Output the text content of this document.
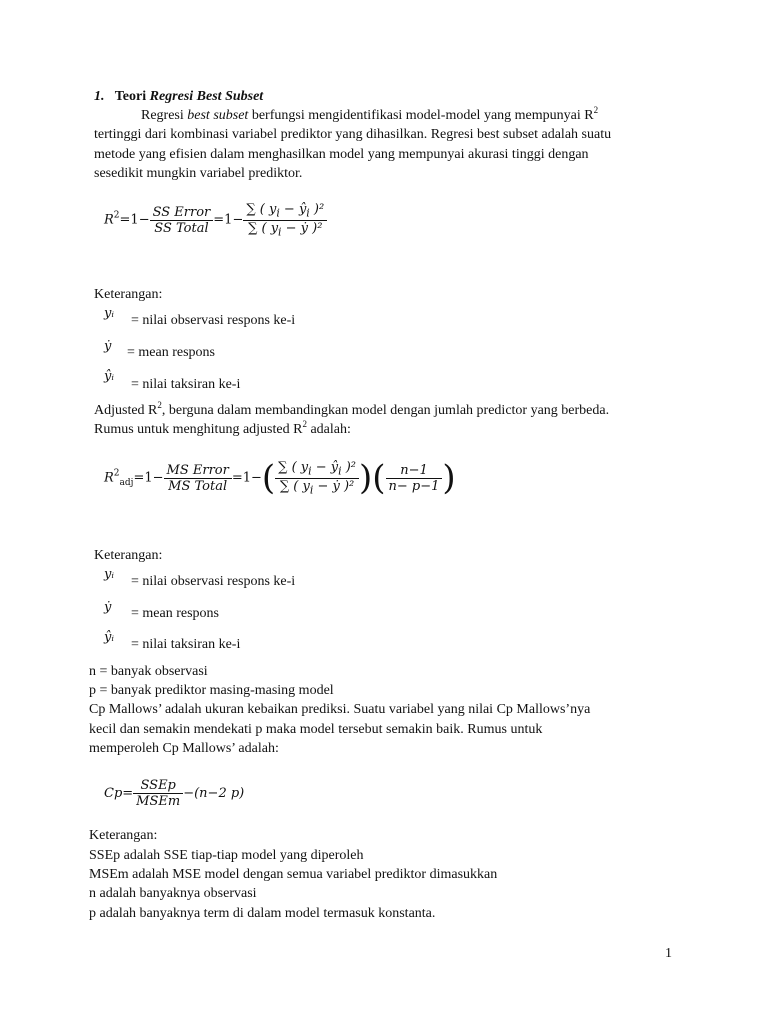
1. Teori Regresi Best Subset
Regresi best subset berfungsi mengidentifikasi model-model yang mempunyai $R^2$
tertinggi dari kombinasi variabel prediktor yang dihasilkan. Regresi best subset adalah suatu
metode yang efisien dalam menghasilkan model yang mempunyai akurasi tinggi dengan
sesedikit mungkin variabel prediktor.
$R^2=1- \frac{\text{SS Error}}{\text{SS Total}} =1- \frac{\sum ( y_i - ŷ_i )^2}{\sum ( y_i - ẏ )^2}$
Keterangan:
yᵢ = nilai observasi respons ke-i
ẏ = mean respons
ŷᵢ
= nilai taksiran ke-i
Adjusted $R^2$, berguna dalam membandingkan model dengan jumlah predictor yang berbeda.
Rumus untuk menghitung adjusted $R^2$ adalah:
$R^2_{adj}=1- \frac{\text{MS Error}}{\text{MS Total}} =1-( \frac{\sum ( y_i - ŷ_i )^2}{\sum ( y_i - ẏ )^2}$ )( $\frac{n-1}{n- p-1}$ )
Keterangan:
yᵢ = nilai observasi respons ke-i
ẏ = mean respons
ŷᵢ = nilai taksiran ke-i
n = banyak observasi
p = banyak prediktor masing-masing model
Cp Mallows’ adalah ukuran kebaikan prediksi. Suatu variabel yang nilai Cp Mallows’nya
kecil dan semakin mendekati p maka model tersebut semakin baik. Rumus untuk
memperoleh Cp Mallows’ adalah:
$Cp= \frac{\text{SSEp}}{\text{MSEm}} -(n-2$ p)
Keterangan:
SSEp adalah SSE tiap-tiap model yang diperoleh
MSEm adalah MSE model dengan semua variabel prediktor dimasukkan
n adalah banyaknya observasi
p adalah banyaknya term di dalam model termasuk konstanta.
1
